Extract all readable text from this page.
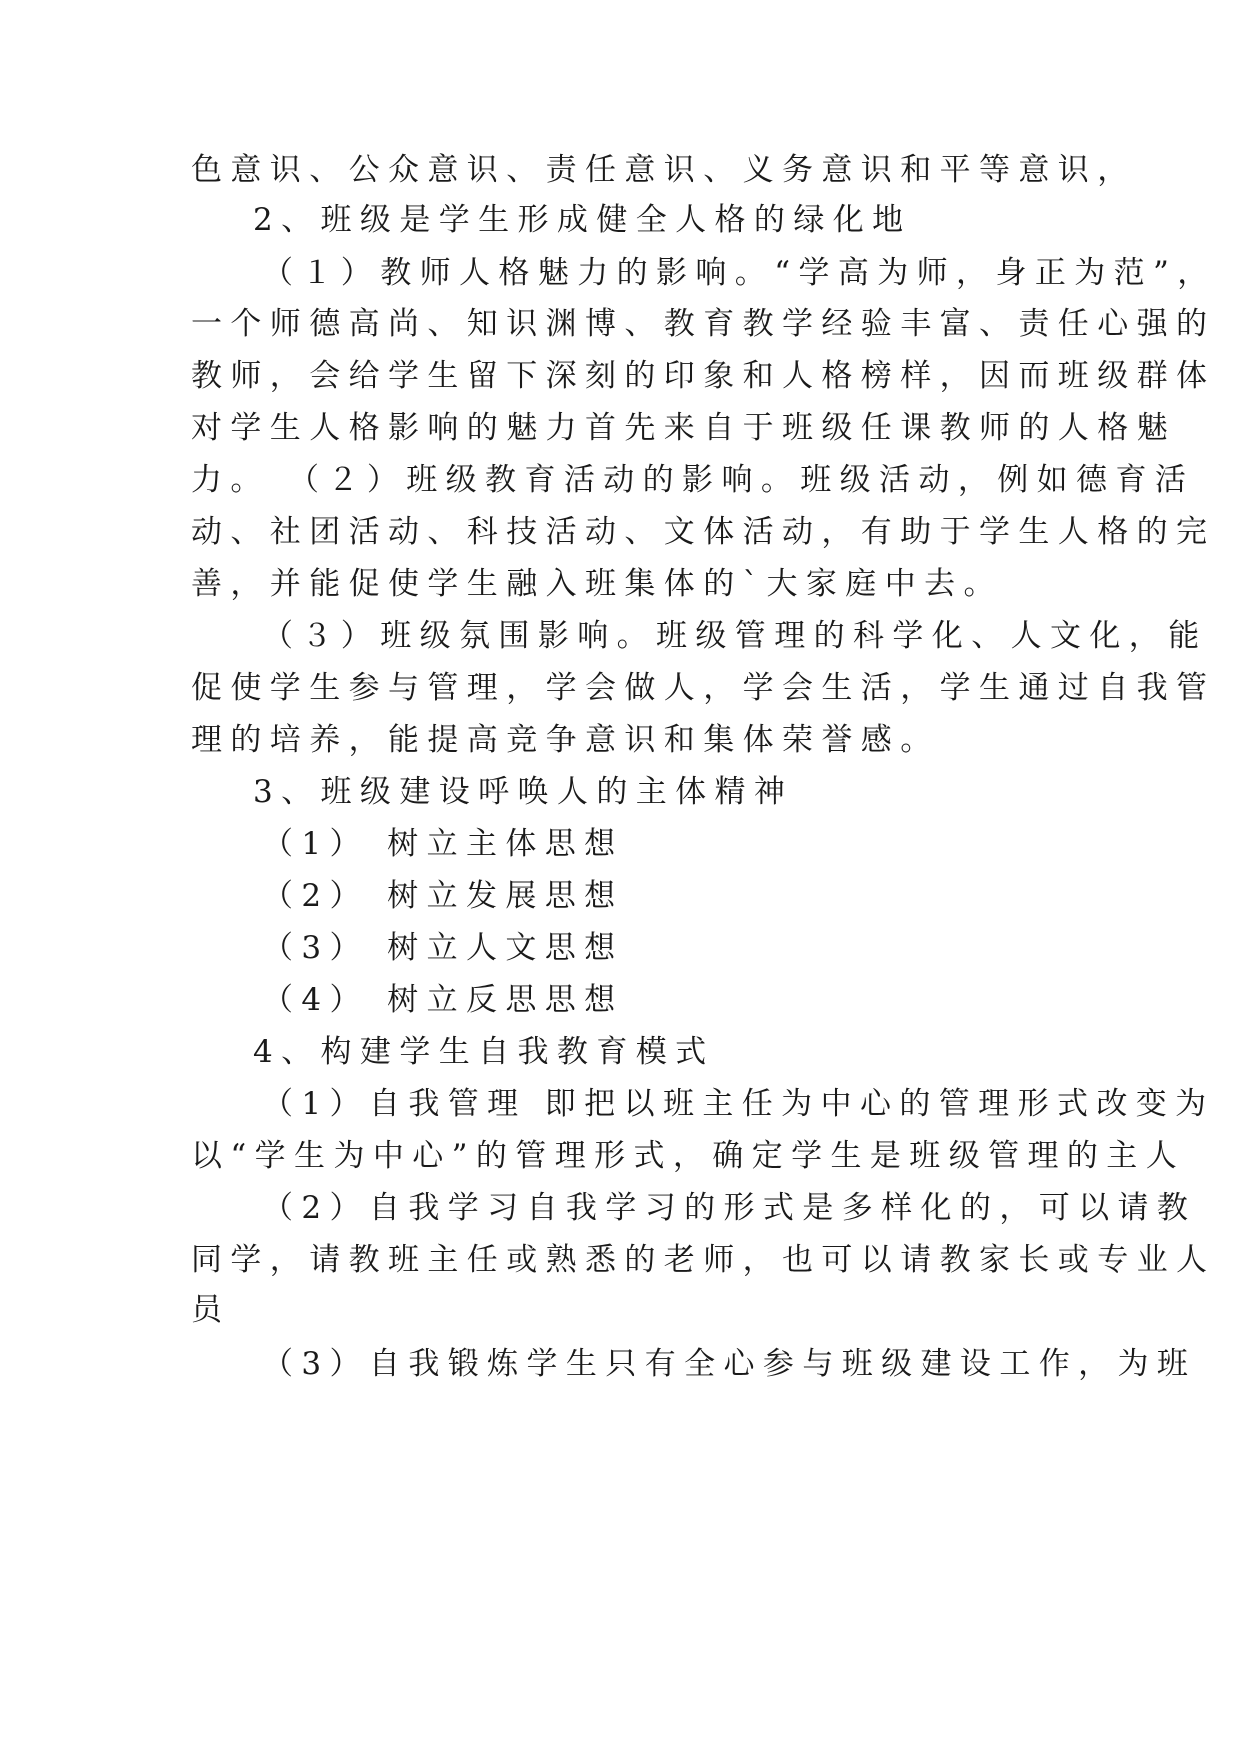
色意识、公众意识、责任意识、义务意识和平等意识，
2、班级是学生形成健全人格的绿化地
（１）教师人格魅力的影响。“学高为师，身正为范”，
一个师德高尚、知识渊博、教育教学经验丰富、责任心强的
教师，会给学生留下深刻的印象和人格榜样，因而班级群体
对学生人格影响的魅力首先来自于班级任课教师的人格魅
力。 （２）班级教育活动的影响。班级活动，例如德育活
动、社团活动、科技活动、文体活动，有助于学生人格的完
善，并能促使学生融入班集体的`大家庭中去。
（３）班级氛围影响。班级管理的科学化、人文化，能
促使学生参与管理，学会做人，学会生活，学生通过自我管
理的培养，能提高竞争意识和集体荣誉感。
3、班级建设呼唤人的主体精神
（1） 树立主体思想
（2） 树立发展思想
（3） 树立人文思想
（4） 树立反思思想
4、构建学生自我教育模式
（1）自我管理 即把以班主任为中心的管理形式改变为
以“学生为中心”的管理形式，确定学生是班级管理的主人
（2）自我学习自我学习的形式是多样化的，可以请教
同学，请教班主任或熟悉的老师，也可以请教家长或专业人
员
（3）自我锻炼学生只有全心参与班级建设工作，为班
